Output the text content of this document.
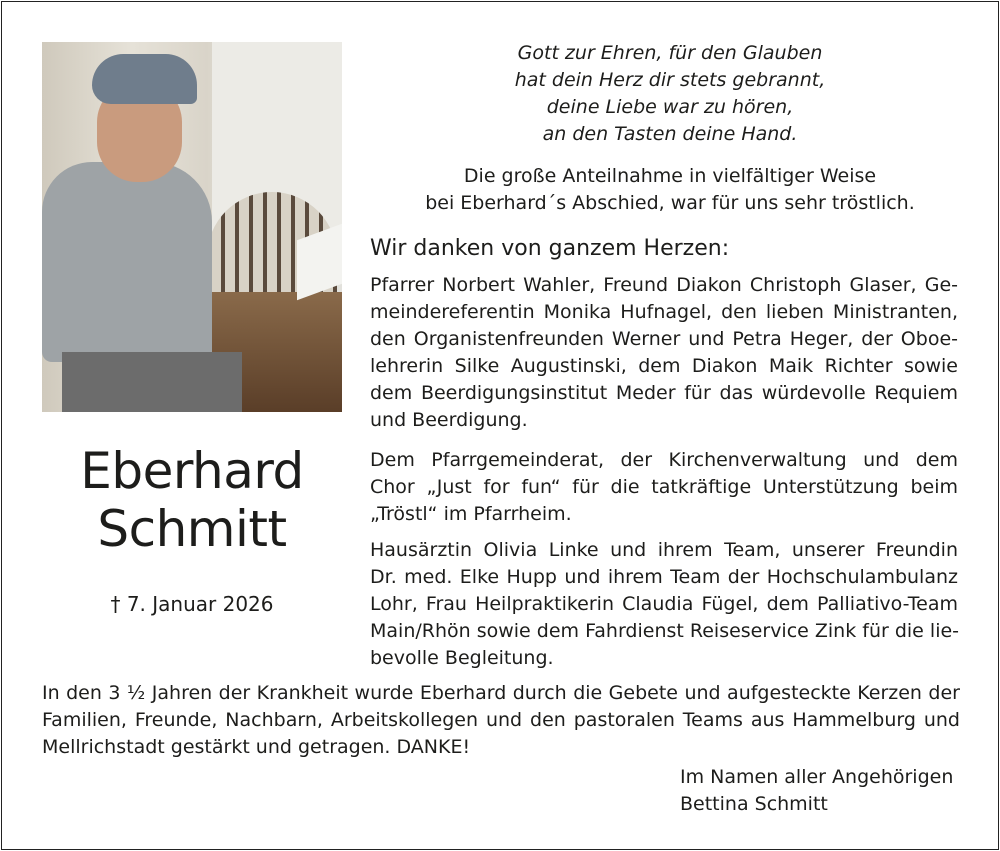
Eberhard
Schmitt
† 7. Januar 2026
Gott zur Ehren, für den Glauben
hat dein Herz dir stets gebrannt,
deine Liebe war zu hören,
an den Tasten deine Hand.
Die große Anteilnahme in vielfältiger Weise
bei Eberhard´s Abschied, war für uns sehr tröstlich.
Wir danken von ganzem Herzen:
Pfarrer Norbert Wahler, Freund Diakon Christoph Glaser, Ge-
meindereferentin Monika Hufnagel, den lieben Ministranten,
den Organistenfreunden Werner und Petra Heger, der Oboe-
lehrerin Silke Augustinski, dem Diakon Maik Richter sowie
dem Beerdigungsinstitut Meder für das würdevolle Requiem
und Beerdigung.
Dem Pfarrgemeinderat, der Kirchenverwaltung und dem
Chor „Just for fun“ für die tatkräftige Unterstützung beim
„Tröstl“ im Pfarrheim.
Hausärztin Olivia Linke und ihrem Team, unserer Freundin
Dr. med. Elke Hupp und ihrem Team der Hochschulambulanz
Lohr, Frau Heilpraktikerin Claudia Fügel, dem Palliativo-Team
Main/Rhön sowie dem Fahrdienst Reiseservice Zink für die lie-
bevolle Begleitung.
In den 3 ½ Jahren der Krankheit wurde Eberhard durch die Gebete und aufgesteckte Kerzen der
Familien, Freunde, Nachbarn, Arbeitskollegen und den pastoralen Teams aus Hammelburg und
Mellrichstadt gestärkt und getragen. DANKE!
Im Namen aller Angehörigen
Bettina Schmitt
